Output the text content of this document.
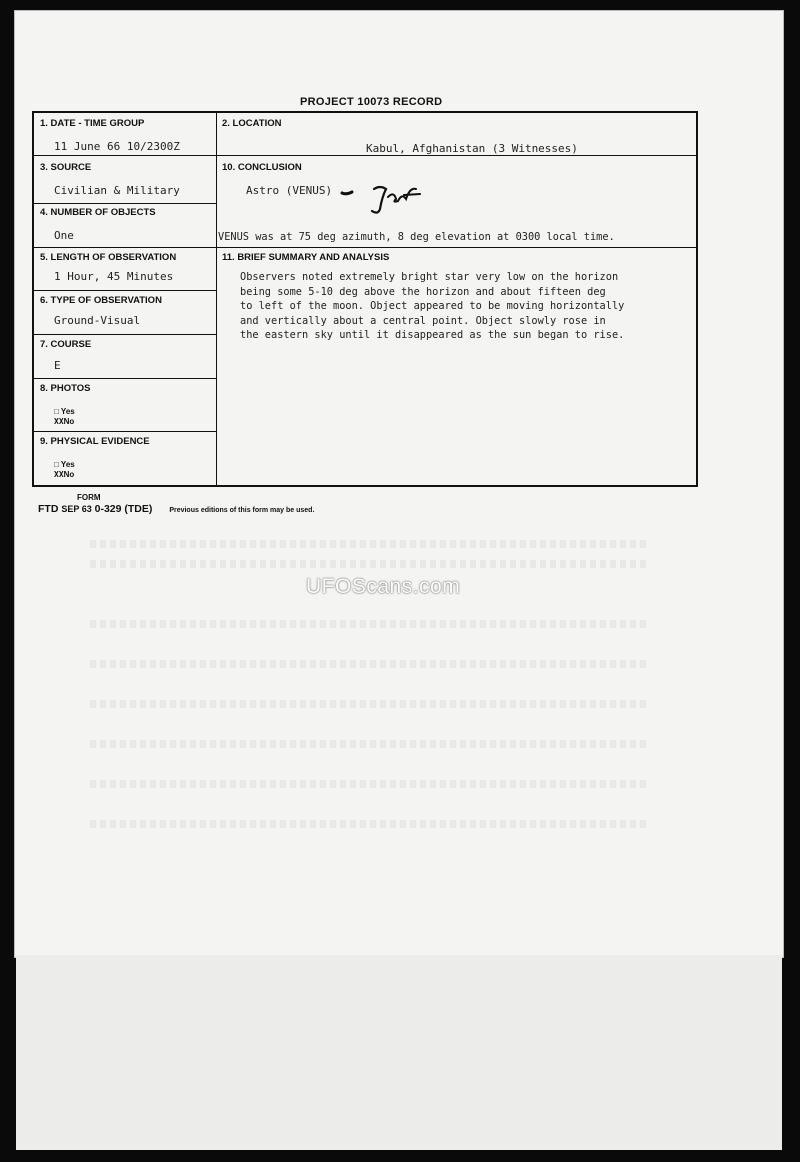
PROJECT 10073 RECORD
1. DATE - TIME GROUP
11 June 66 10/2300Z
2. LOCATION
Kabul, Afghanistan (3 Witnesses)
3. SOURCE
Civilian & Military
10. CONCLUSION
Astro (VENUS)
4. NUMBER OF OBJECTS
One	VENUS was at 75 deg azimuth, 8 deg elevation at 0300 local time.
5. LENGTH OF OBSERVATION
1 Hour, 45 Minutes
11. BRIEF SUMMARY AND ANALYSIS
Observers noted extremely bright star very low on the horizon
being some 5-10 deg above the horizon and about fifteen deg
to left of the moon. Object appeared to be moving horizontally
and vertically about a central point. Object slowly rose in
the eastern sky until it disappeared as the sun began to rise.
6. TYPE OF OBSERVATION
Ground-Visual
7. COURSE
E
8. PHOTOS
□ Yes
XXNo
9. PHYSICAL EVIDENCE
□ Yes
XXNo
FORM
FTD SEP 63 0-329 (TDE) Previous editions of this form may be used.
UFOScans.com
